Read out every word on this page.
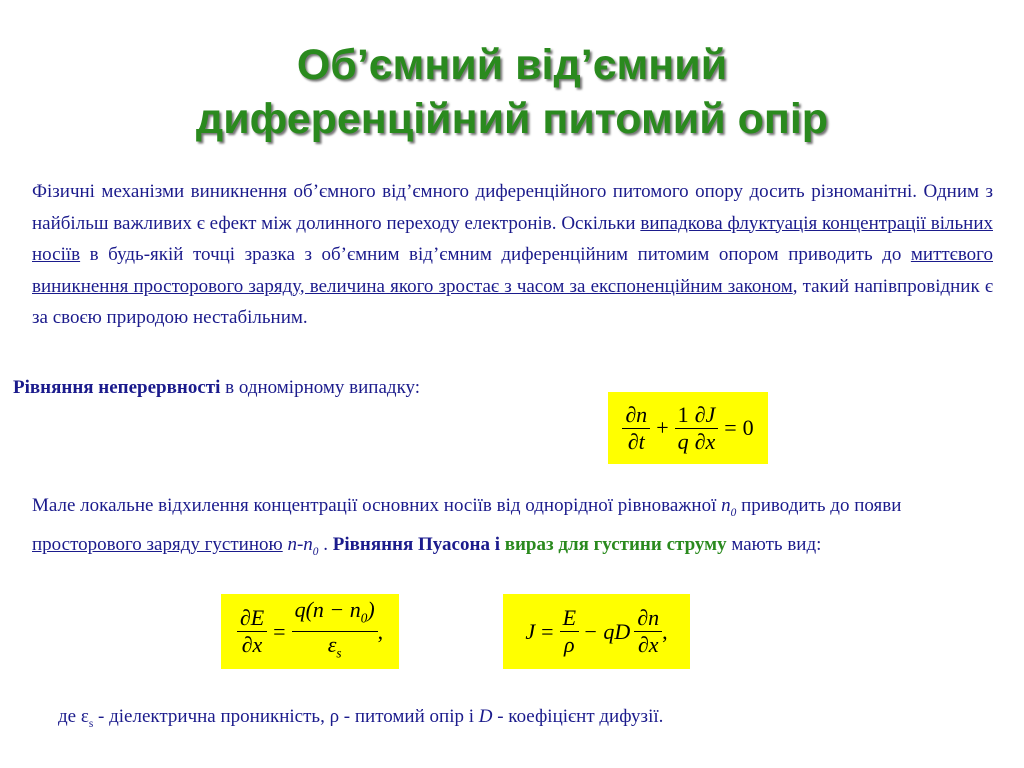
Об’ємний від’ємний
диференційний питомий опір
Фізичні механізми виникнення об’ємного від’ємного диференційного питомого опору досить різноманітні. Одним з найбільш важливих є ефект між долинного переходу електронів. Оскільки випадкова флуктуація концентрації вільних носіїв в будь-якій точці зразка з об’ємним від’ємним диференційним питомим опором приводить до миттєвого виникнення просторового заряду, величина якого зростає з часом за експоненційним законом, такий напівпровідник є за своєю природою нестабільним.
Рівняння неперервності в одномірному випадку:
$\frac{\partial n}{\partial t} + \frac{1}{q} \frac{\partial J}{\partial x} = 0$
Мале локальне відхилення концентрації основних носіїв від однорідної рівноважної $n_0$ приводить до появи просторового заряду густиною $n-n_0$ . Рівняння Пуасона і вираз для густини струму мають вид:
$\frac{\partial E}{\partial x} = \frac{q(n - n_0)}{\varepsilon_s}$ ,	$J = \frac{E}{\rho}$ − qD $\frac{\partial n}{\partial x}$ ,
де $\varepsilon_s$ - діелектрична проникність, ρ - питомий опір і D - коефіцієнт дифузії.
